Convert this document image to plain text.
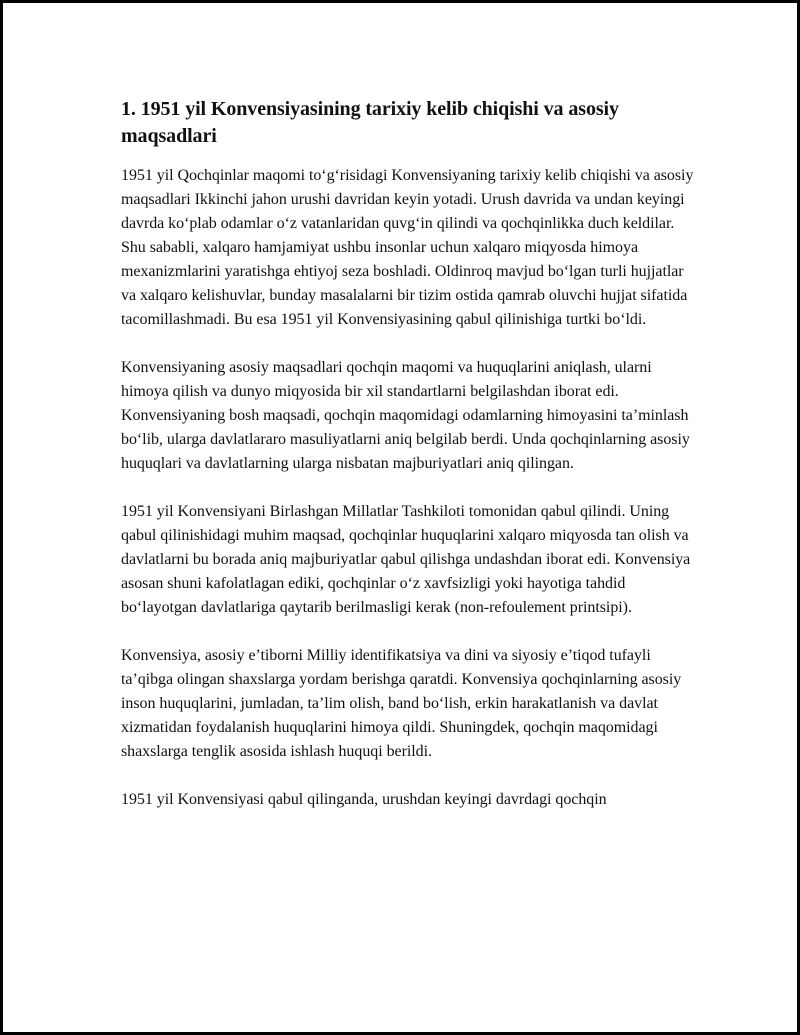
1. 1951 yil Konvensiyasining tarixiy kelib chiqishi va asosiy maqsadlari

1951 yil Qochqinlar maqomi to‘g‘risidagi Konvensiyaning tarixiy kelib chiqishi va asosiy maqsadlari Ikkinchi jahon urushi davridan keyin yotadi. Urush davrida va undan keyingi davrda ko‘plab odamlar o‘z vatanlaridan quvg‘in qilindi va qochqinlikka duch keldilar. Shu sababli, xalqaro hamjamiyat ushbu insonlar uchun xalqaro miqyosda himoya mexanizmlarini yaratishga ehtiyoj seza boshladi. Oldinroq mavjud bo‘lgan turli hujjatlar va xalqaro kelishuvlar, bunday masalalarni bir tizim ostida qamrab oluvchi hujjat sifatida tacomillashmadi. Bu esa 1951 yil Konvensiyasining qabul qilinishiga turtki bo‘ldi.

Konvensiyaning asosiy maqsadlari qochqin maqomi va huquqlarini aniqlash, ularni himoya qilish va dunyo miqyosida bir xil standartlarni belgilashdan iborat edi. Konvensiyaning bosh maqsadi, qochqin maqomidagi odamlarning himoyasini ta’minlash bo‘lib, ularga davlatlararo masuliyatlarni aniq belgilab berdi. Unda qochqinlarning asosiy huquqlari va davlatlarning ularga nisbatan majburiyatlari aniq qilingan.

1951 yil Konvensiyani Birlashgan Millatlar Tashkiloti tomonidan qabul qilindi. Uning qabul qilinishidagi muhim maqsad, qochqinlar huquqlarini xalqaro miqyosda tan olish va davlatlarni bu borada aniq majburiyatlar qabul qilishga undashdan iborat edi. Konvensiya asosan shuni kafolatlagan ediki, qochqinlar o‘z xavfsizligi yoki hayotiga tahdid bo‘layotgan davlatlariga qaytarib berilmasligi kerak (non-refoulement printsipi).

Konvensiya, asosiy e’tiborni Milliy identifikatsiya va dini va siyosiy e’tiqod tufayli ta’qibga olingan shaxslarga yordam berishga qaratdi. Konvensiya qochqinlarning asosiy inson huquqlarini, jumladan, ta’lim olish, band bo‘lish, erkin harakatlanish va davlat xizmatidan foydalanish huquqlarini himoya qildi. Shuningdek, qochqin maqomidagi shaxslarga tenglik asosida ishlash huquqi berildi.

1951 yil Konvensiyasi qabul qilinganda, urushdan keyingi davrdagi qochqin
